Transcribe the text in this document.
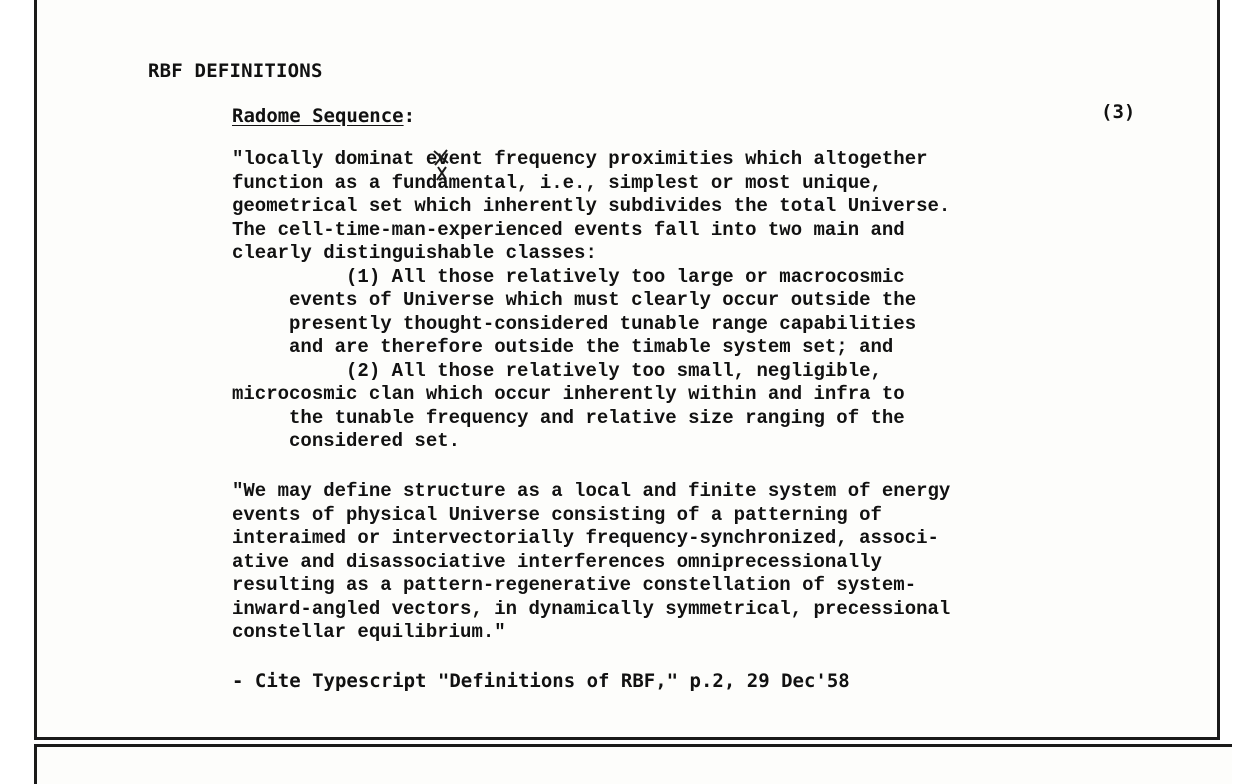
RBF DEFINITIONS
Radome Sequence:	(3)
"locally dominat event frequency proximities which altogether
function as a fundamental, i.e., simplest or most unique,
geometrical set which inherently subdivides the total Universe.
The cell-time-man-experienced events fall into two main and
clearly distinguishable classes:
(1) All those relatively too large or macrocosmic
events of Universe which must clearly occur outside the
presently thought-considered tunable range capabilities
and are therefore outside the timable system set; and
(2) All those relatively too small, negligible,
microcosmic clan which occur inherently within and infra to
the tunable frequency and relative size ranging of the
considered set.
"We may define structure as a local and finite system of energy
events of physical Universe consisting of a patterning of
interaimed or intervectorially frequency-synchronized, associ-
ative and disassociative interferences omniprecessionally
resulting as a pattern-regenerative constellation of system-
inward-angled vectors, in dynamically symmetrical, precessional
constellar equilibrium."
- Cite Typescript "Definitions of RBF," p.2, 29 Dec'58
